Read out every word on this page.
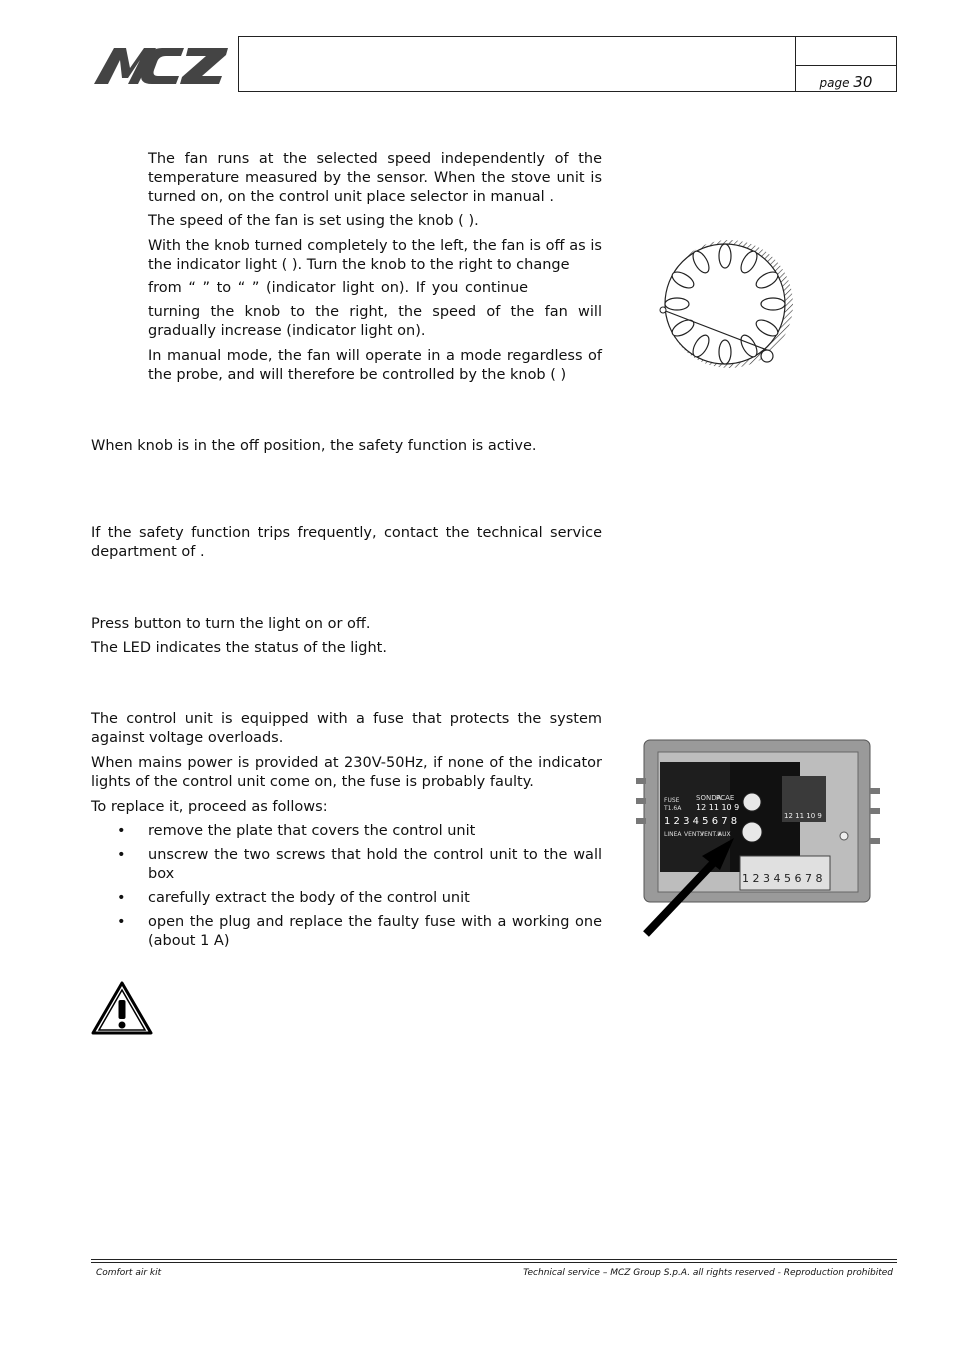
page 30
The fan runs at the selected speed independently of the temperature measured by the sensor. When the stove unit is turned on, on the control unit place selector in manual .
The speed of the fan is set using the knob ( ).
With the knob turned completely to the left, the fan is off as is the indicator light ( ). Turn the knob to the right to change
from “ ” to “ ” (indicator light on). If you continue
turning the knob to the right, the speed of the fan will gradually increase (indicator light on).
In manual mode, the fan will operate in a mode regardless of the probe, and will therefore be controlled by the knob ( )
When knob is in the off position, the safety function is active.
If the safety function trips frequently, contact the technical service department of .
Press button to turn the light on or off.
The LED indicates the status of the light.
The control unit is equipped with a fuse that protects the system against voltage overloads.
When mains power is provided at 230V-50Hz, if none of the indicator lights of the control unit come on, the fuse is probably faulty.
To replace it, proceed as follows:
• remove the plate that covers the control unit
• unscrew the two screws that hold the control unit to the wall box
• carefully extract the body of the control unit
• open the plug and replace the faulty fuse with a working one (about 1 A)
FUSE
T1.6A
SONDA
PCAE
12 11 10 9
1 2 3 4 5 6 7 8
LINEA VENT.I
VENT.II
AUX
12 11 10 9
1 2 3 4 5 6 7 8
Comfort air kit	Technical service – MCZ Group S.p.A. all rights reserved - Reproduction prohibited
